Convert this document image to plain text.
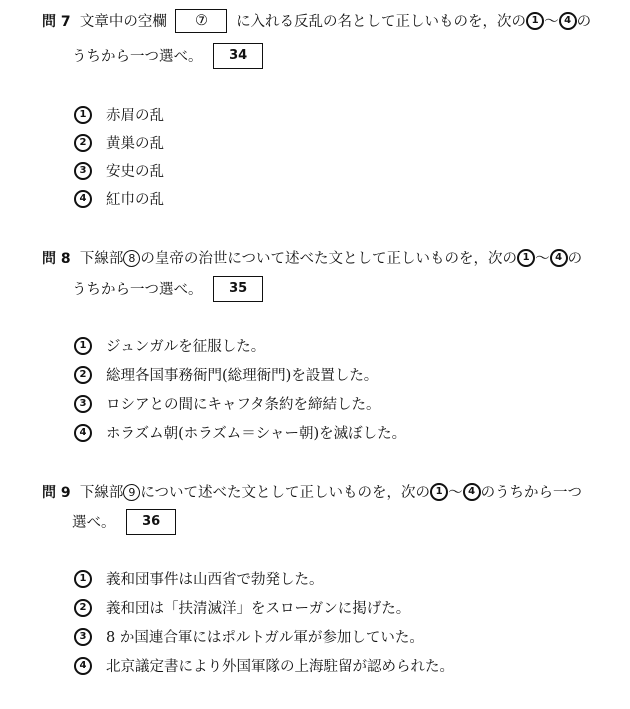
問 7 文章中の空欄 ⑦ に入れる反乱の名として正しいものを，次の 1 〜 4 の
うちから一つ選べ。 34
1 赤眉の乱
2 黄巣の乱
3 安史の乱
4 紅巾の乱
問 8 下線部 8 の皇帝の治世について述べた文として正しいものを，次の 1 〜 4 の
うちから一つ選べ。 35
1 ジュンガルを征服した。
2 総理各国事務衙門(総理衙門)を設置した。
3 ロシアとの間にキャフタ条約を締結した。
4 ホラズム朝(ホラズム＝シャー朝)を滅ぼした。
問 9 下線部 9 について述べた文として正しいものを，次の 1 〜 4 のうちから一つ
選べ。 36
1 義和団事件は山西省で勃発した。
2 義和団は「扶清滅洋」をスローガンに掲げた。
3 8 か国連合軍にはポルトガル軍が参加していた。
4 北京議定書により外国軍隊の上海駐留が認められた。
